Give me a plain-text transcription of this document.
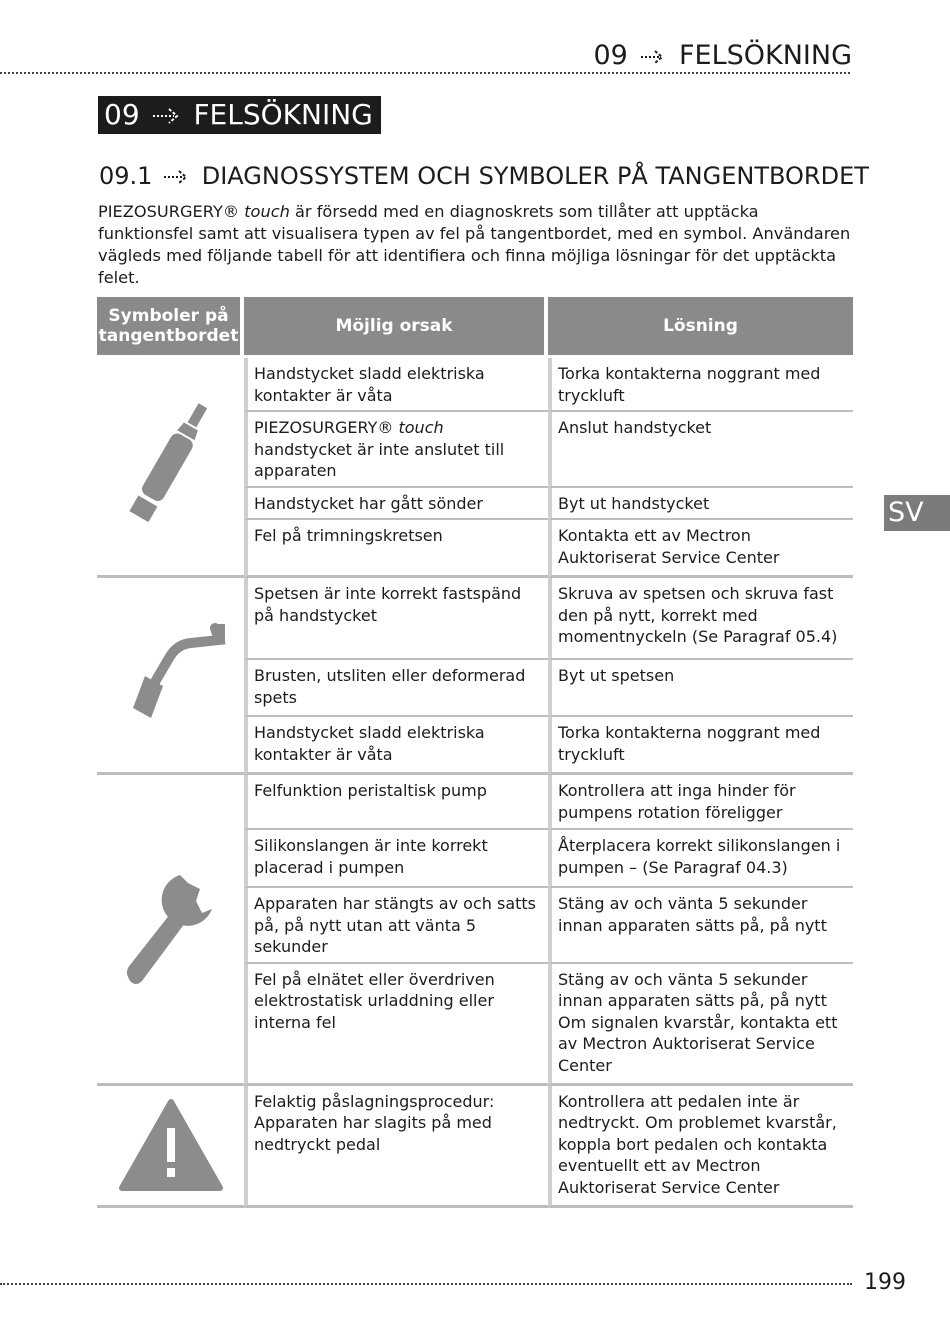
09 FELSÖKNING
09 FELSÖKNING
09.1 DIAGNOSSYSTEM OCH SYMBOLER PÅ TANGENTBORDET

PIEZOSURGERY® touch är försedd med en diagnoskrets som tillåter att upptäcka funktionsfel samt att visualisera typen av fel på tangentbordet, med en symbol. Användaren vägleds med följande tabell för att identifiera och finna möjliga lösningar för det upptäckta felet.

Symboler på tangentbordet	Möjlig orsak	Lösning

	Handstycket sladd elektriska kontakter är våta	Torka kontakterna noggrant med tryckluft
	PIEZOSURGERY® touch handstycket är inte anslutet till apparaten	Anslut handstycket
	Handstycket har gått sönder	Byt ut handstycket
	Fel på trimningskretsen	Kontakta ett av Mectron Auktoriserat Service Center

	Spetsen är inte korrekt fastspänd på handstycket	Skruva av spetsen och skruva fast den på nytt, korrekt med momentnyckeln (Se Paragraf 05.4)
	Brusten, utsliten eller deformerad spets	Byt ut spetsen
	Handstycket sladd elektriska kontakter är våta	Torka kontakterna noggrant med tryckluft

	Felfunktion peristaltisk pump	Kontrollera att inga hinder för pumpens rotation föreligger
	Silikonslangen är inte korrekt placerad i pumpen	Återplacera korrekt silikonslangen i pumpen – (Se Paragraf 04.3)
	Apparaten har stängts av och satts på, på nytt utan att vänta 5 sekunder	Stäng av och vänta 5 sekunder innan apparaten sätts på, på nytt
	Fel på elnätet eller överdriven elektrostatisk urladdning eller interna fel	Stäng av och vänta 5 sekunder innan apparaten sätts på, på nytt
Om signalen kvarstår, kontakta ett av Mectron Auktoriserat Service Center

	Felaktig påslagningsprocedur: Apparaten har slagits på med nedtryckt pedal	Kontrollera att pedalen inte är nedtryckt. Om problemet kvarstår, koppla bort pedalen och kontakta eventuellt ett av Mectron Auktoriserat Service Center
SV
199
